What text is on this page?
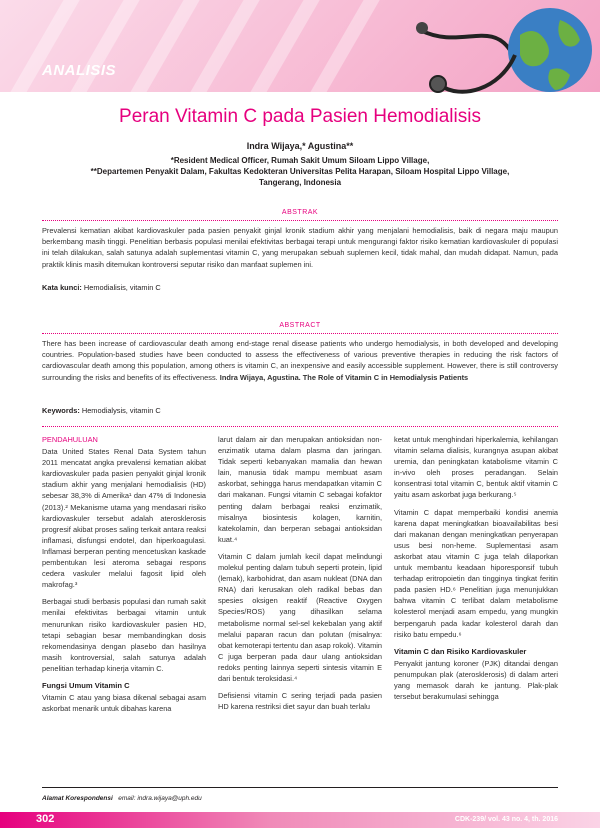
ANALISIS
Peran Vitamin C pada Pasien Hemodialisis
Indra Wijaya,* Agustina**
*Resident Medical Officer, Rumah Sakit Umum Siloam Lippo Village,
**Departemen Penyakit Dalam, Fakultas Kedokteran Universitas Pelita Harapan, Siloam Hospital Lippo Village,
Tangerang, Indonesia
ABSTRAK
Prevalensi kematian akibat kardiovaskuler pada pasien penyakit ginjal kronik stadium akhir yang menjalani hemodialisis, baik di negara maju maupun berkembang masih tinggi. Penelitian berbasis populasi menilai efektivitas berbagai terapi untuk mengurangi faktor risiko kematian kardiovaskuler di populasi ini telah dilakukan, salah satunya adalah suplementasi vitamin C, yang merupakan sebuah suplemen kecil, tidak mahal, dan mudah didapat. Namun, pada praktik klinis masih ditemukan kontroversi seputar risiko dan manfaat suplemen ini.
Kata kunci: Hemodialisis, vitamin C
ABSTRACT
There has been increase of cardiovascular death among end-stage renal disease patients who undergo hemodialysis, in both developed and developing countries. Population-based studies have been conducted to assess the effectiveness of various preventive therapies in reducing the risk factors of cardiovascular death among this population, among others is vitamin C, an inexpensive and easily accessible supplement. However, there is still controversy surrounding the risks and benefits of its effectiveness. Indra Wijaya, Agustina. The Role of Vitamin C in Hemodialysis Patients
Keywords: Hemodialysis, vitamin C
PENDAHULUAN

Data United States Renal Data System tahun 2011 mencatat angka prevalensi kematian akibat kardiovaskuler pada pasien penyakit ginjal kronik stadium akhir yang menjalani hemodialisis (HD) sebesar 38,3% di Amerika¹ dan 47% di Indonesia (2013).² Mekanisme utama yang mendasari risiko kardiovaskuler tersebut adalah aterosklerosis progresif akibat proses saling terkait antara reaksi inflamasi, disfungsi endotel, dan hiperkoagulasi. Inflamasi berperan penting mencetuskan kaskade pembentukan lesi ateroma sebagai respons cedera vaskuler melalui fagosit lipid oleh makrofag.³

Berbagai studi berbasis populasi dan rumah sakit menilai efektivitas berbagai vitamin untuk menurunkan risiko kardiovaskuler pasien HD, tetapi sebagian besar membandingkan dosis rekomendasinya dengan plasebo dan hasilnya masih kontroversial, salah satunya adalah penelitian terhadap kinerja vitamin C.

Fungsi Umum Vitamin C

Vitamin C atau yang biasa dikenal sebagai asam askorbat menarik untuk dibahas karena

larut dalam air dan merupakan antioksidan non-enzimatik utama dalam plasma dan jaringan. Tidak seperti kebanyakan mamalia dan hewan lain, manusia tidak mampu membuat asam askorbat, sehingga harus mendapatkan vitamin C dari makanan. Fungsi vitamin C sebagai kofaktor penting dalam berbagai reaksi enzimatik, misalnya biosintesis kolagen, karnitin, katekolamin, dan berperan sebagai antioksidan kuat.⁴

Vitamin C dalam jumlah kecil dapat melindungi molekul penting dalam tubuh seperti protein, lipid (lemak), karbohidrat, dan asam nukleat (DNA dan RNA) dari kerusakan oleh radikal bebas dan spesies oksigen reaktif (Reactive Oxygen Species/ROS) yang dihasilkan selama metabolisme normal sel-sel kekebalan yang aktif melalui paparan racun dan polutan (misalnya: obat kemoterapi tertentu dan asap rokok). Vitamin C juga berperan pada daur ulang antioksidan redoks penting lainnya seperti sintesis vitamin E dari bentuk teroksidasi.⁴

Defisiensi vitamin C sering terjadi pada pasien HD karena restriksi diet sayur dan buah terlalu

ketat untuk menghindari hiperkalemia, kehilangan vitamin selama dialisis, kurangnya asupan akibat uremia, dan peningkatan katabolisme vitamin C in-vivo oleh proses peradangan. Selain konsentrasi total vitamin C, bentuk aktif vitamin C yaitu asam askorbat juga berkurang.⁵

Vitamin C dapat memperbaiki kondisi anemia karena dapat meningkatkan bioavailabilitas besi dari makanan dengan meningkatkan penyerapan usus besi non-heme. Suplementasi asam askorbat atau vitamin C juga telah dilaporkan untuk membantu keadaan hiporesponsif tubuh terhadap eritropoietin dan tingginya tingkat feritin pada pasien HD.⁶ Penelitian juga menunjukkan bahwa vitamin C terlibat dalam metabolisme kolesterol menjadi asam empedu, yang mungkin berpengaruh pada kadar kolesterol darah dan risiko batu empedu.⁶

Vitamin C dan Risiko Kardiovaskuler

Penyakit jantung koroner (PJK) ditandai dengan penumpukan plak (aterosklerosis) di dalam arteri yang memasok darah ke jantung. Plak-plak tersebut berakumulasi sehingga

Alamat Korespondensi email: indra.wijaya@uph.edu
302	CDK-239/ vol. 43 no. 4, th. 2016
